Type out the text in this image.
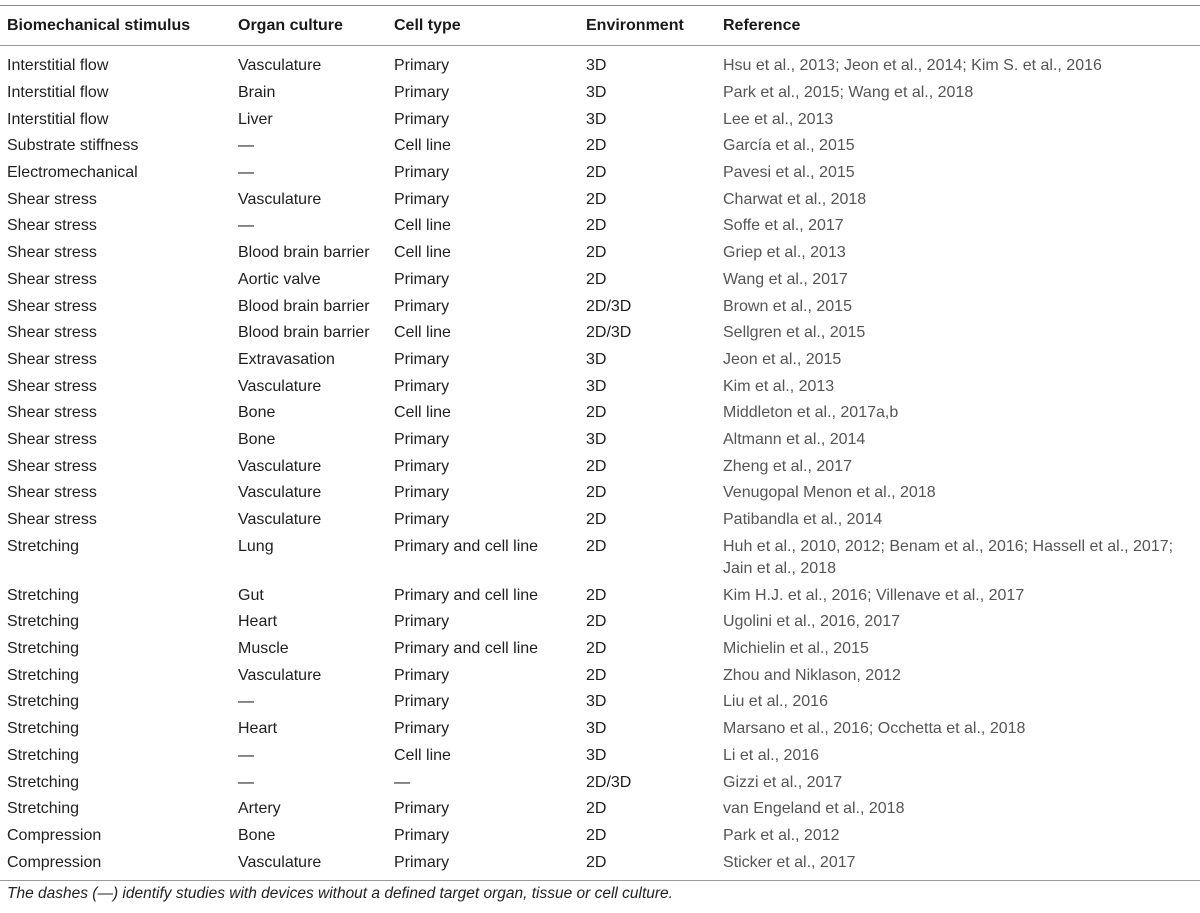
Biomechanical stimulus	Organ culture	Cell type	Environment	Reference
Interstitial flow	Vasculature	Primary	3D	Hsu et al., 2013; Jeon et al., 2014; Kim S. et al., 2016
Interstitial flow	Brain	Primary	3D	Park et al., 2015; Wang et al., 2018
Interstitial flow	Liver	Primary	3D	Lee et al., 2013
Substrate stiffness	—	Cell line	2D	García et al., 2015
Electromechanical	—	Primary	2D	Pavesi et al., 2015
Shear stress	Vasculature	Primary	2D	Charwat et al., 2018
Shear stress	—	Cell line	2D	Soffe et al., 2017
Shear stress	Blood brain barrier	Cell line	2D	Griep et al., 2013
Shear stress	Aortic valve	Primary	2D	Wang et al., 2017
Shear stress	Blood brain barrier	Primary	2D/3D	Brown et al., 2015
Shear stress	Blood brain barrier	Cell line	2D/3D	Sellgren et al., 2015
Shear stress	Extravasation	Primary	3D	Jeon et al., 2015
Shear stress	Vasculature	Primary	3D	Kim et al., 2013
Shear stress	Bone	Cell line	2D	Middleton et al., 2017a,b
Shear stress	Bone	Primary	3D	Altmann et al., 2014
Shear stress	Vasculature	Primary	2D	Zheng et al., 2017
Shear stress	Vasculature	Primary	2D	Venugopal Menon et al., 2018
Shear stress	Vasculature	Primary	2D	Patibandla et al., 2014
Stretching	Lung	Primary and cell line	2D	Huh et al., 2010, 2012; Benam et al., 2016; Hassell et al., 2017; Jain et al., 2018
Stretching	Gut	Primary and cell line	2D	Kim H.J. et al., 2016; Villenave et al., 2017
Stretching	Heart	Primary	2D	Ugolini et al., 2016, 2017
Stretching	Muscle	Primary and cell line	2D	Michielin et al., 2015
Stretching	Vasculature	Primary	2D	Zhou and Niklason, 2012
Stretching	—	Primary	3D	Liu et al., 2016
Stretching	Heart	Primary	3D	Marsano et al., 2016; Occhetta et al., 2018
Stretching	—	Cell line	3D	Li et al., 2016
Stretching	—	—	2D/3D	Gizzi et al., 2017
Stretching	Artery	Primary	2D	van Engeland et al., 2018
Compression	Bone	Primary	2D	Park et al., 2012
Compression	Vasculature	Primary	2D	Sticker et al., 2017
The dashes (—) identify studies with devices without a defined target organ, tissue or cell culture.
